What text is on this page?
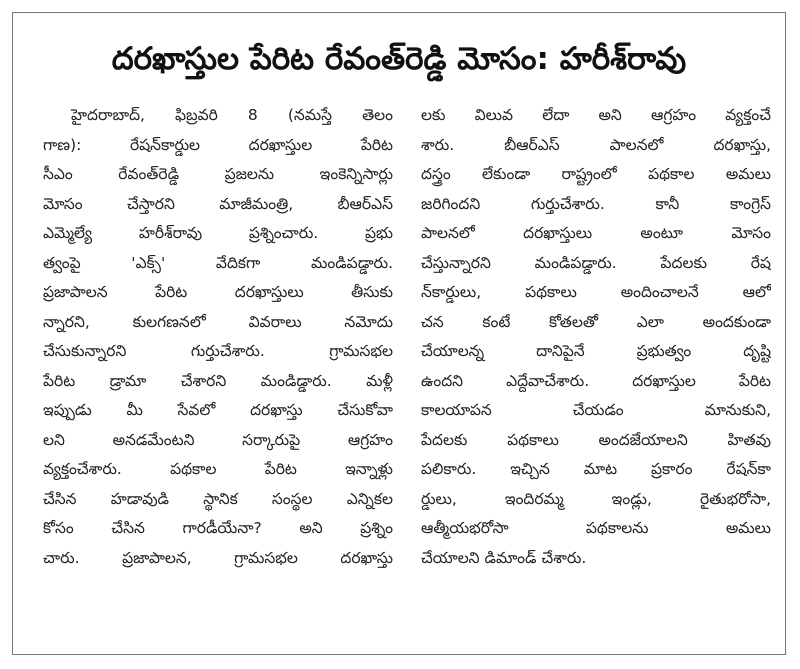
దరఖాస్తుల పేరిట రేవంత్‌రెడ్డి మోసం: హరీశ్‌రావు
హైదరాబాద్‌, ఫిబ్రవరి 8 (నమస్తే తెలం
గాణ): రేషన్‌కార్డుల దరఖాస్తుల పేరిట
సీఎం రేవంత్‌రెడ్డి ప్రజలను ఇంకెన్నిసార్లు
మోసం చేస్తారని మాజీమంత్రి, బీఆర్‌ఎస్‌
ఎమ్మెల్యే హరీశ్‌రావు ప్రశ్నించారు. ప్రభు
త్వంపై 'ఎక్స్‌' వేదికగా మండిపడ్డారు.
ప్రజాపాలన పేరిట దరఖాస్తులు తీసుకు
న్నారని, కులగణనలో వివరాలు నమోదు
చేసుకున్నారని గుర్తుచేశారు. గ్రామసభల
పేరిట డ్రామా చేశారని మండిడ్డారు. మళ్లీ
ఇప్పుడు మీ సేవలో దరఖాస్తు చేసుకోవా
లని అనడమేంటని సర్కారుపై ఆగ్రహం
వ్యక్తంచేశారు. పథకాల పేరిట ఇన్నాళ్లు
చేసిన హడావుడి స్థానిక సంస్థల ఎన్నికల
కోసం చేసిన గారడీయేనా? అని ప్రశ్నిం
చారు. ప్రజాపాలన, గ్రామసభల దరఖాస్తు
లకు విలువ లేదా అని ఆగ్రహం వ్యక్తంచే
శారు. బీఆర్‌ఎస్‌ పాలనలో దరఖాస్తు,
దస్త్రం లేకుండా రాష్ట్రంలో పథకాల అమలు
జరిగిందని గుర్తుచేశారు. కానీ కాంగ్రెస్‌
పాలనలో దరఖాస్తులు అంటూ మోసం
చేస్తున్నారని మండిపడ్డారు. పేదలకు రేష
న్‌కార్డులు, పథకాలు అందించాలనే ఆలో
చన కంటే కోతలతో ఎలా అందకుండా
చేయాలన్న దానిపైనే ప్రభుత్వం దృష్టి
ఉందని ఎద్దేవాచేశారు. దరఖాస్తుల పేరిట
కాలయాపన చేయడం మానుకుని,
పేదలకు పథకాలు అందజేయాలని హితవు
పలికారు. ఇచ్చిన మాట ప్రకారం రేషన్‌కా
ర్డులు, ఇందిరమ్మ ఇండ్లు, రైతుభరోసా,
ఆత్మీయభరోసా పథకాలను అమలు
చేయాలని డిమాండ్‌ చేశారు.
